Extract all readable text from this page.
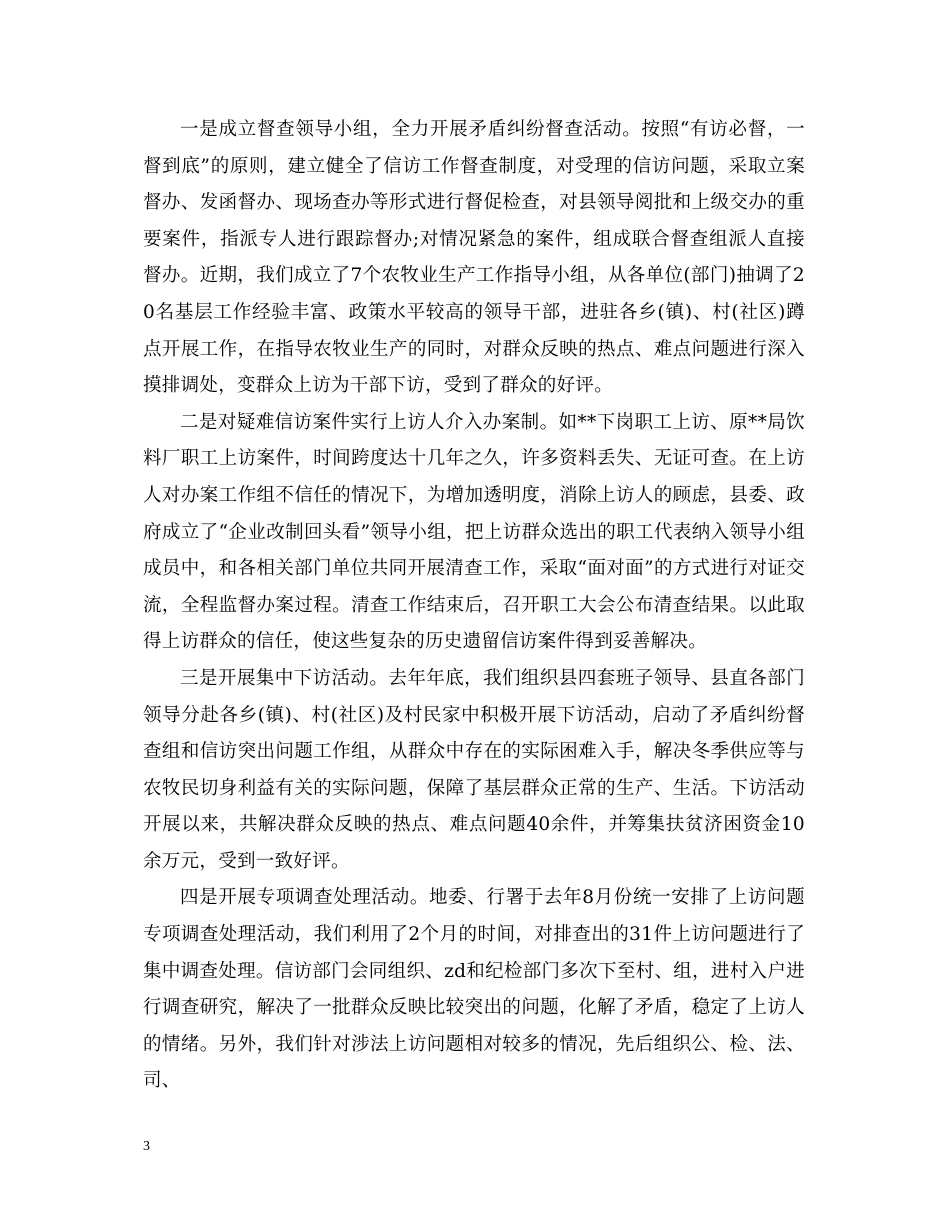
一是成立督查领导小组，全力开展矛盾纠纷督查活动。按照“有访必督，一督到底”的原则，建立健全了信访工作督查制度，对受理的信访问题，采取立案督办、发函督办、现场查办等形式进行督促检查，对县领导阅批和上级交办的重要案件，指派专人进行跟踪督办;对情况紧急的案件，组成联合督查组派人直接督办。近期，我们成立了7个农牧业生产工作指导小组，从各单位(部门)抽调了20名基层工作经验丰富、政策水平较高的领导干部，进驻各乡(镇)、村(社区)蹲点开展工作，在指导农牧业生产的同时，对群众反映的热点、难点问题进行深入摸排调处，变群众上访为干部下访，受到了群众的好评。

二是对疑难信访案件实行上访人介入办案制。如**下岗职工上访、原**局饮料厂职工上访案件，时间跨度达十几年之久，许多资料丢失、无证可查。在上访人对办案工作组不信任的情况下，为增加透明度，消除上访人的顾虑，县委、政府成立了“企业改制回头看”领导小组，把上访群众选出的职工代表纳入领导小组成员中，和各相关部门单位共同开展清查工作，采取“面对面”的方式进行对证交流，全程监督办案过程。清查工作结束后，召开职工大会公布清查结果。以此取得上访群众的信任，使这些复杂的历史遗留信访案件得到妥善解决。

三是开展集中下访活动。去年年底，我们组织县四套班子领导、县直各部门领导分赴各乡(镇)、村(社区)及村民家中积极开展下访活动，启动了矛盾纠纷督查组和信访突出问题工作组，从群众中存在的实际困难入手，解决冬季供应等与农牧民切身利益有关的实际问题，保障了基层群众正常的生产、生活。下访活动开展以来，共解决群众反映的热点、难点问题40余件，并筹集扶贫济困资金10余万元，受到一致好评。

四是开展专项调查处理活动。地委、行署于去年8月份统一安排了上访问题专项调查处理活动，我们利用了2个月的时间，对排查出的31件上访问题进行了集中调查处理。信访部门会同组织、zd和纪检部门多次下至村、组，进村入户进行调查研究，解决了一批群众反映比较突出的问题，化解了矛盾，稳定了上访人的情绪。另外，我们针对涉法上访问题相对较多的情况，先后组织公、检、法、司、

3
